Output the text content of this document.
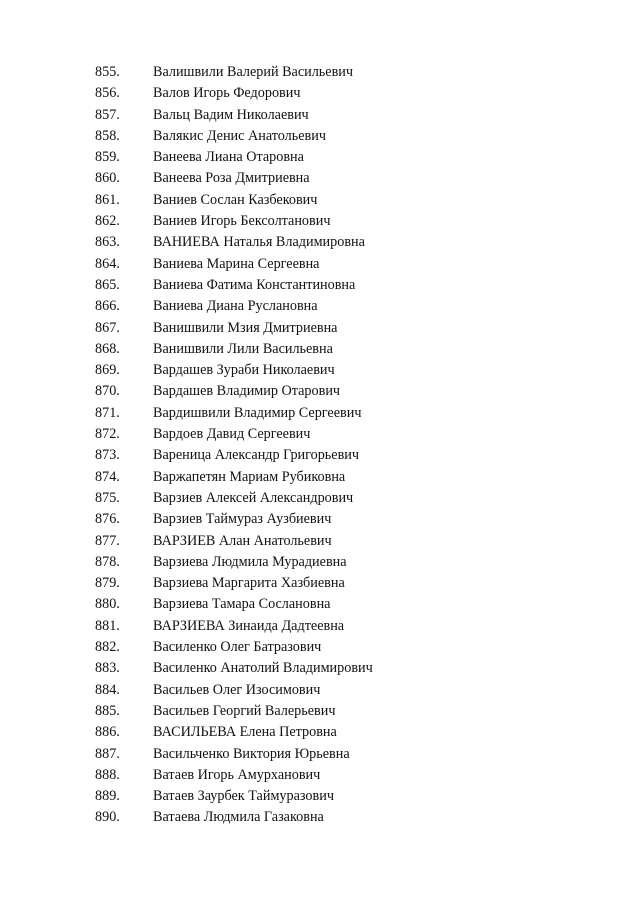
855.	Валишвили Валерий Васильевич
856.	Валов Игорь Федорович
857.	Вальц Вадим Николаевич
858.	Валякис Денис Анатольевич
859.	Ванеева Лиана Отаровна
860.	Ванеева Роза Дмитриевна
861.	Ваниев Сослан Казбекович
862.	Ваниев Игорь Бексолтанович
863.	ВАНИЕВА Наталья Владимировна
864.	Ваниева Марина Сергеевна
865.	Ваниева Фатима Константиновна
866.	Ваниева Диана Руслановна
867.	Ванишвили Мзия Дмитриевна
868.	Ванишвили Лили Васильевна
869.	Вардашев Зураби Николаевич
870.	Вардашев Владимир Отарович
871.	Вардишвили Владимир Сергеевич
872.	Вардоев Давид Сергеевич
873.	Вареница Александр Григорьевич
874.	Варжапетян Мариам Рубиковна
875.	Варзиев Алексей Александрович
876.	Варзиев Таймураз Аузбиевич
877.	ВАРЗИЕВ Алан Анатольевич
878.	Варзиева Людмила Мурадиевна
879.	Варзиева Маргарита Хазбиевна
880.	Варзиева Тамара Сослановна
881.	ВАРЗИЕВА Зинаида Дадтеевна
882.	Василенко Олег Батразович
883.	Василенко Анатолий Владимирович
884.	Васильев Олег Изосимович
885.	Васильев Георгий Валерьевич
886.	ВАСИЛЬЕВА Елена Петровна
887.	Васильченко Виктория Юрьевна
888.	Ватаев Игорь Амурханович
889.	Ватаев Заурбек Таймуразович
890.	Ватаева Людмила Газаковна
